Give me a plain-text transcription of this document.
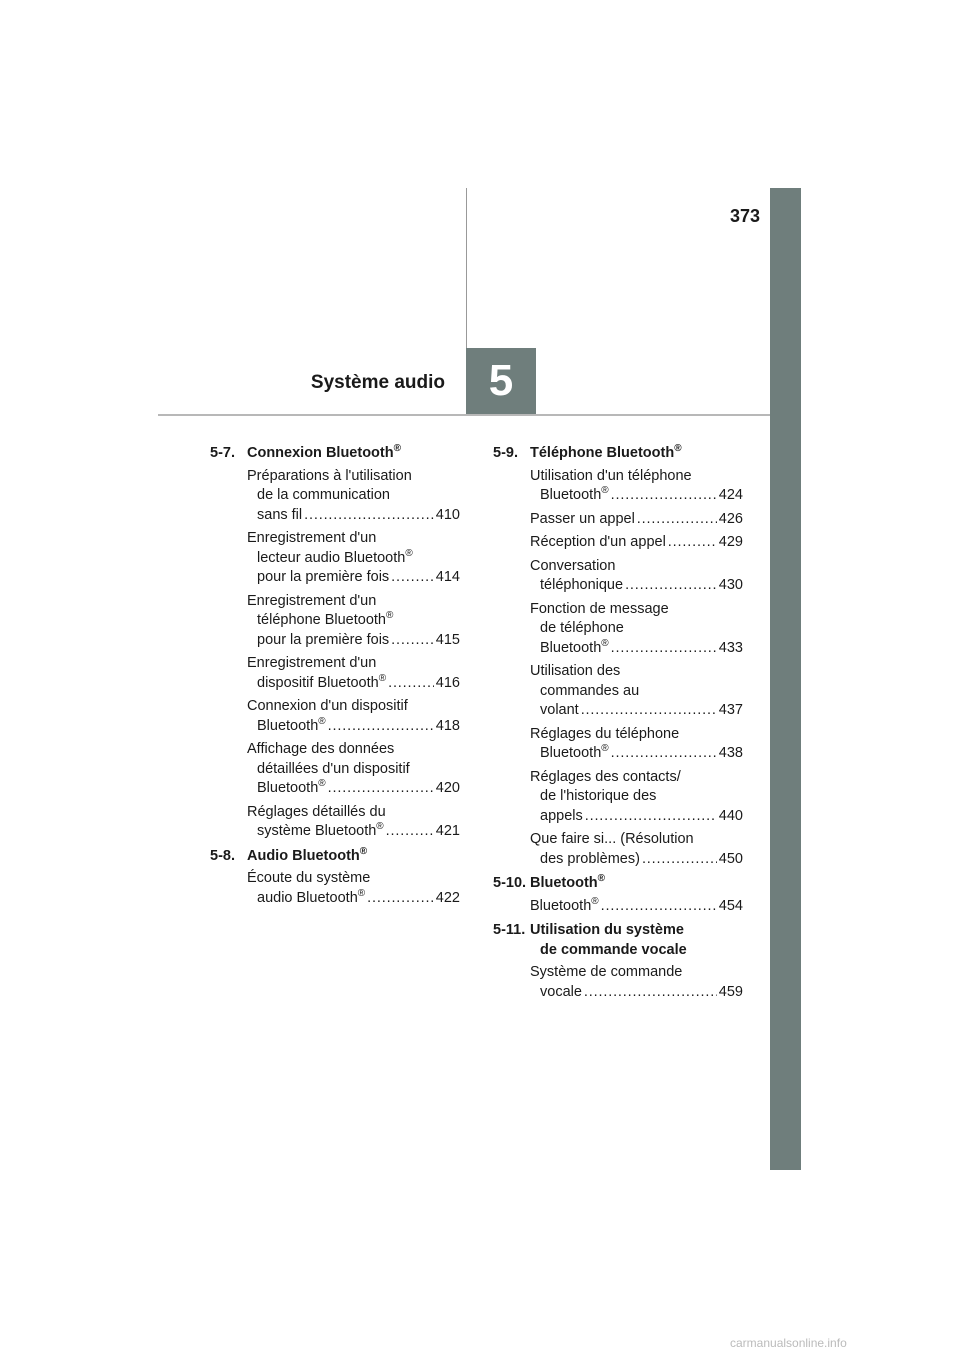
373
Système audio 5
5-7. Connexion Bluetooth®
Préparations à l'utilisation
de la communication
sans fil . . .	410
Enregistrement d'un
lecteur audio Bluetooth®
pour la première fois . . .	414
Enregistrement d'un
téléphone Bluetooth®
pour la première fois . . .	415
Enregistrement d'un
dispositif Bluetooth® . . .	416
Connexion d'un dispositif
Bluetooth® . . .	418
Affichage des données
détaillées d'un dispositif
Bluetooth® . . .	420
Réglages détaillés du
système Bluetooth® . . .	421
5-8. Audio Bluetooth®
Écoute du système
audio Bluetooth® . . .	422
5-9. Téléphone Bluetooth®
Utilisation d'un téléphone
Bluetooth® . . .	424
Passer un appel . . .	426
Réception d'un appel . . .	429
Conversation
téléphonique . . .	430
Fonction de message
de téléphone
Bluetooth® . . .	433
Utilisation des
commandes au
volant . . .	437
Réglages du téléphone
Bluetooth® . . .	438
Réglages des contacts/
de l'historique des
appels . . .	440
Que faire si... (Résolution
des problèmes) . . .	450
5-10. Bluetooth®
Bluetooth® . . .	454
5-11. Utilisation du système
de commande vocale
Système de commande
vocale . . .	459
carmanualsonline.info
